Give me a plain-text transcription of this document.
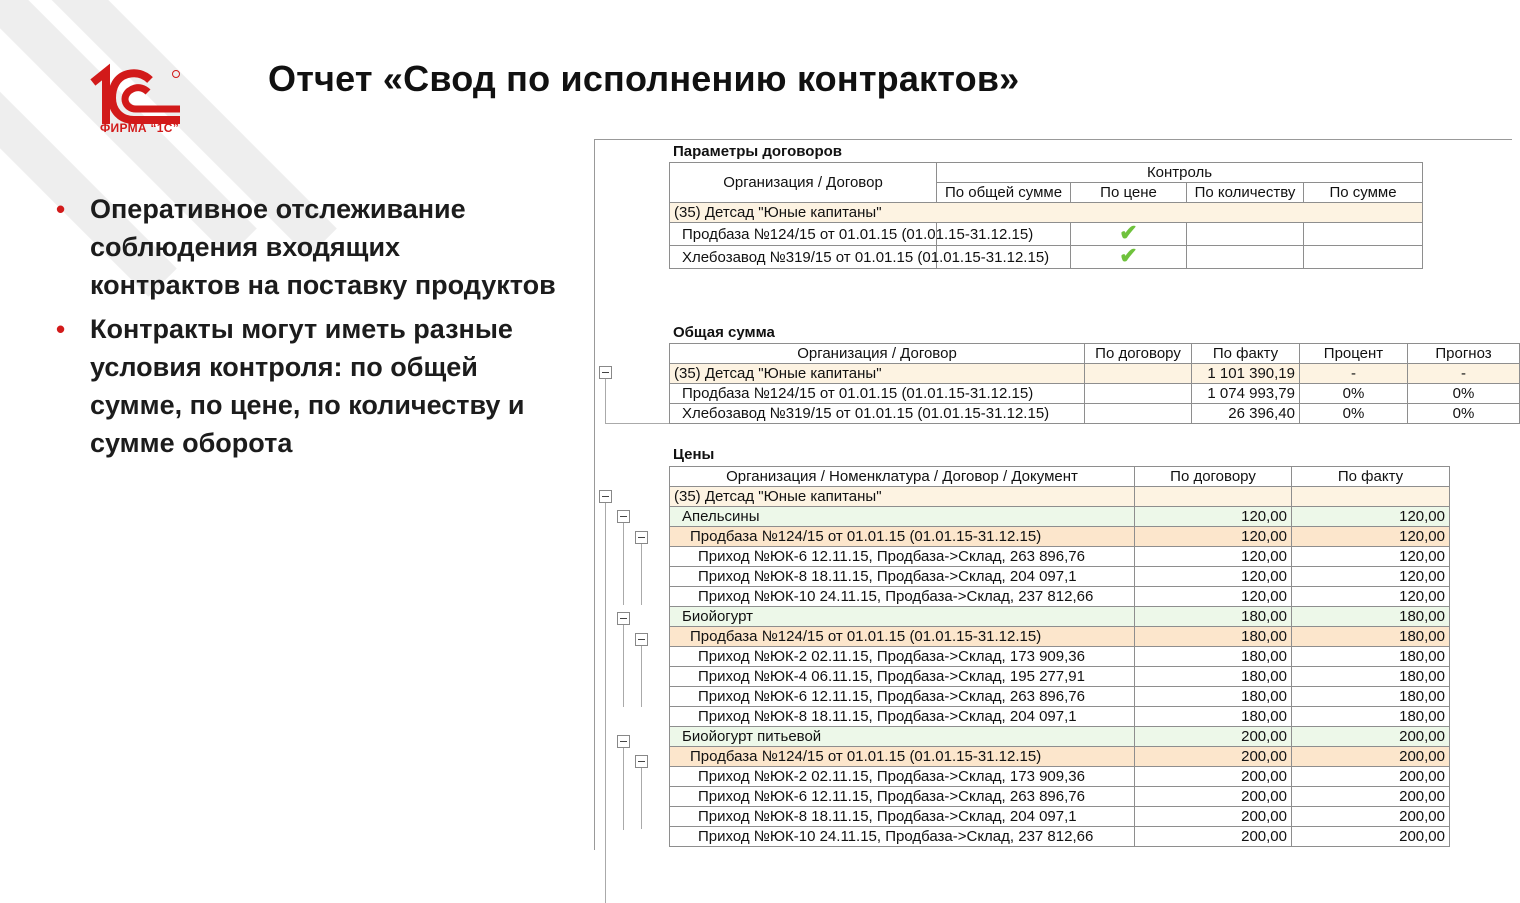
ФИРМА “1С”
Отчет «Свод по исполнению контрактов»
• Оперативное отслеживание соблюдения входящих контрактов на поставку продуктов
• Контракты могут иметь разные условия контроля: по общей сумме, по цене, по количеству и сумме оборота
Параметры договоров
Организация / Договор	Контроль			
	По общей сумме	По цене	По количеству	По сумме
(35) Детсад "Юные капитаны"				
Продбаза №124/15 от 01.01.15 (01.01.15-31.12.15)		✔		
Хлебозавод №319/15 от 01.01.15 (01.01.15-31.12.15)		✔		
Общая сумма
Организация / Договор	По договору	По факту	Процент	Прогноз
(35) Детсад "Юные капитаны"		1 101 390,19	-	-
Продбаза №124/15 от 01.01.15 (01.01.15-31.12.15)		1 074 993,79	0%	0%
Хлебозавод №319/15 от 01.01.15 (01.01.15-31.12.15)		26 396,40	0%	0%
Цены
Организация / Номенклатура / Договор / Документ	По договору	По факту
(35) Детсад "Юные капитаны"		
Апельсины	120,00	120,00
Продбаза №124/15 от 01.01.15 (01.01.15-31.12.15)	120,00	120,00
Приход №ЮК-6 12.11.15, Продбаза->Склад, 263 896,76	120,00	120,00
Приход №ЮК-8 18.11.15, Продбаза->Склад, 204 097,1	120,00	120,00
Приход №ЮК-10 24.11.15, Продбаза->Склад, 237 812,66	120,00	120,00
Биойогурт	180,00	180,00
Продбаза №124/15 от 01.01.15 (01.01.15-31.12.15)	180,00	180,00
Приход №ЮК-2 02.11.15, Продбаза->Склад, 173 909,36	180,00	180,00
Приход №ЮК-4 06.11.15, Продбаза->Склад, 195 277,91	180,00	180,00
Приход №ЮК-6 12.11.15, Продбаза->Склад, 263 896,76	180,00	180,00
Приход №ЮК-8 18.11.15, Продбаза->Склад, 204 097,1	180,00	180,00
Биойогурт питьевой	200,00	200,00
Продбаза №124/15 от 01.01.15 (01.01.15-31.12.15)	200,00	200,00
Приход №ЮК-2 02.11.15, Продбаза->Склад, 173 909,36	200,00	200,00
Приход №ЮК-6 12.11.15, Продбаза->Склад, 263 896,76	200,00	200,00
Приход №ЮК-8 18.11.15, Продбаза->Склад, 204 097,1	200,00	200,00
Приход №ЮК-10 24.11.15, Продбаза->Склад, 237 812,66	200,00	200,00
